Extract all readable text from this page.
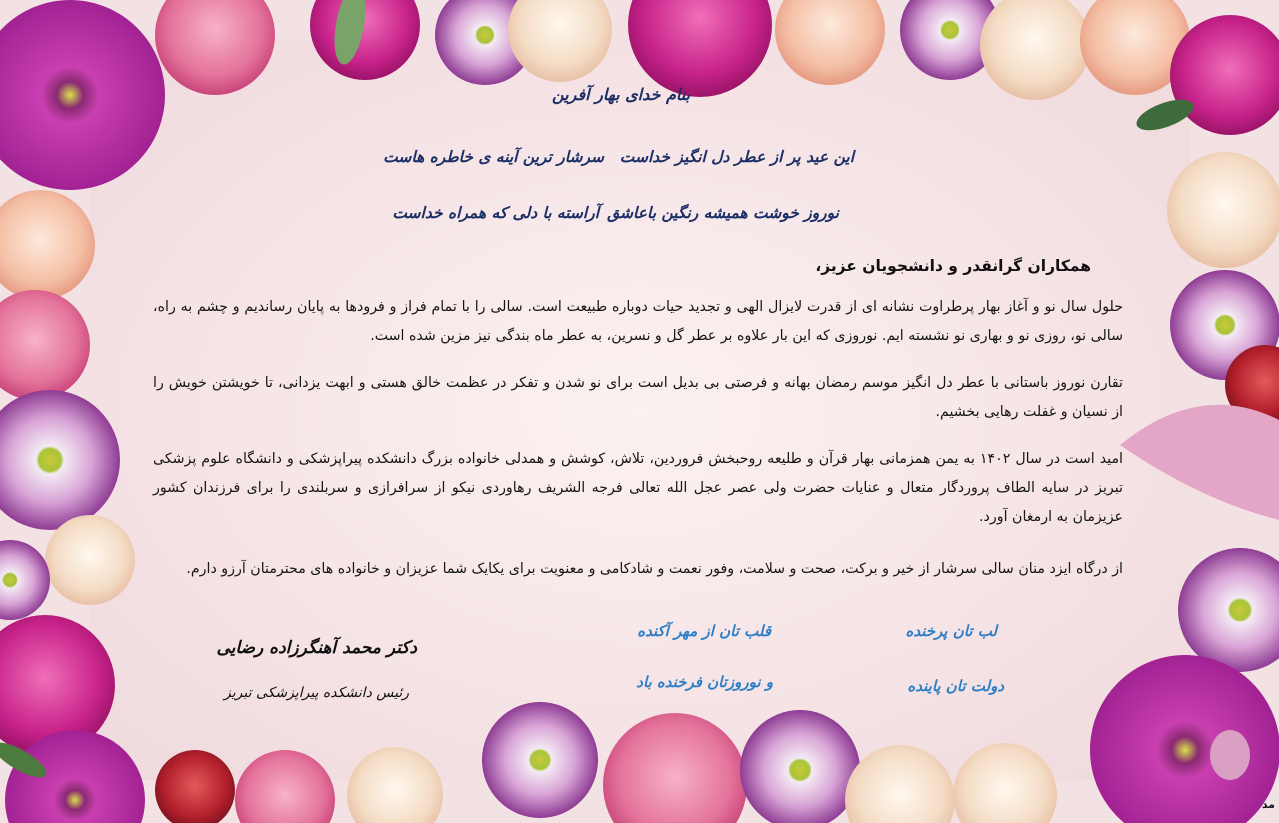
بنام خدای بهار آفرین
این عید پر از عطر دل انگیز خداست
سرشار ترین آینه ی خاطره هاست
نوروز خوشت همیشه رنگین باعاشق
آراسته با دلی که همراه خداست
همکاران گرانقدر و دانشجویان عزیز،
حلول سال نو و آغاز بهار پرطراوت نشانه ای از قدرت لایزال الهی و تجدید حیات دوباره طبیعت است. سالی را با تمام فراز و فرودها به پایان رساندیم و چشم به راه، سالی نو، روزی نو و بهاری نو نشسته ایم. نوروزی که این بار علاوه بر عطر گل و نسرین، به عطر ماه بندگی نیز مزین شده است.
تقارن نوروز باستانی با عطر دل انگیز موسم رمضان بهانه و فرصتی بی بدیل است برای نو شدن و تفکر در عظمت خالق هستی و ابهت یزدانی، تا خویشتن خویش را از نسیان و غفلت رهایی بخشیم.
امید است در سال ۱۴۰۲ به یمن همزمانی بهار قرآن و طلیعه روحبخش فروردین، تلاش، کوشش و همدلی خانواده بزرگ دانشکده پیراپزشکی و دانشگاه علوم پزشکی تبریز در سایه الطاف پروردگار متعال و عنایات حضرت ولی عصر عجل الله تعالی فرجه الشریف رهاوردی نیکو از سرافرازی و سربلندی را برای فرزندان کشور عزیزمان به ارمغان آورد.
از درگاه ایزد منان سالی سرشار از خیر و برکت، صحت و سلامت، وفور نعمت و شادکامی و معنویت برای یکایک شما عزیزان و خانواده های محترمتان آرزو دارم.
لب تان پرخنده
قلب تان از مهر آکنده
دولت تان پاینده
و نوروزتان فرخنده باد
دکتر محمد آهنگرزاده رضایی
رئیس دانشکده پیراپزشکی تبریز
مد
